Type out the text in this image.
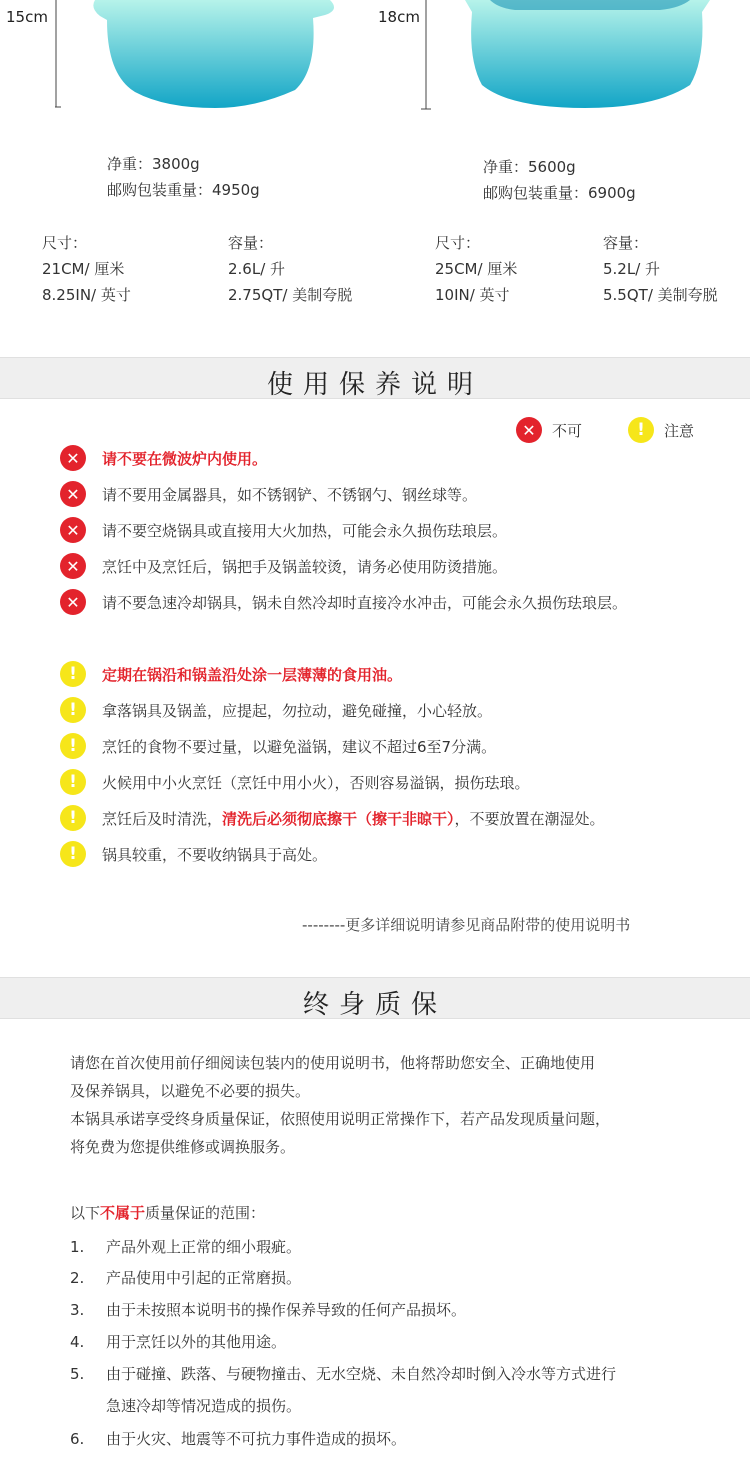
15cm	18cm
净重：3800g
邮购包装重量：4950g
净重：5600g
邮购包装重量：6900g
尺寸：
21CM/ 厘米
8.25IN/ 英寸
容量：
2.6L/ 升
2.75QT/ 美制夸脱
尺寸：
25CM/ 厘米
10IN/ 英寸
容量：
5.2L/ 升
5.5QT/ 美制夸脱
使用保养说明
✕	不可	!	注意
✕	请不要在微波炉内使用。
✕	请不要用金属器具，如不锈钢铲、不锈钢勺、钢丝球等。
✕	请不要空烧锅具或直接用大火加热，可能会永久损伤珐琅层。
✕	烹饪中及烹饪后，锅把手及锅盖较烫，请务必使用防烫措施。
✕	请不要急速冷却锅具，锅未自然冷却时直接冷水冲击，可能会永久损伤珐琅层。
!	定期在锅沿和锅盖沿处涂一层薄薄的食用油。
!	拿落锅具及锅盖，应提起，勿拉动，避免碰撞，小心轻放。
!	烹饪的食物不要过量，以避免溢锅，建议不超过6至7分满。
!	火候用中小火烹饪（烹饪中用小火），否则容易溢锅，损伤珐琅。
!	烹饪后及时清洗，清洗后必须彻底擦干（擦干非晾干），不要放置在潮湿处。
!	锅具较重，不要收纳锅具于高处。
--------更多详细说明请参见商品附带的使用说明书
终身质保
请您在首次使用前仔细阅读包装内的使用说明书，他将帮助您安全、正确地使用
及保养锅具，以避免不必要的损失。
本锅具承诺享受终身质量保证，依照使用说明正常操作下，若产品发现质量问题，
将免费为您提供维修或调换服务。
以下不属于质量保证的范围：
1. 产品外观上正常的细小瑕疵。
2. 产品使用中引起的正常磨损。
3. 由于未按照本说明书的操作保养导致的任何产品损坏。
4. 用于烹饪以外的其他用途。
5. 由于碰撞、跌落、与硬物撞击、无水空烧、未自然冷却时倒入冷水等方式进行
急速冷却等情况造成的损伤。
6. 由于火灾、地震等不可抗力事件造成的损坏。
